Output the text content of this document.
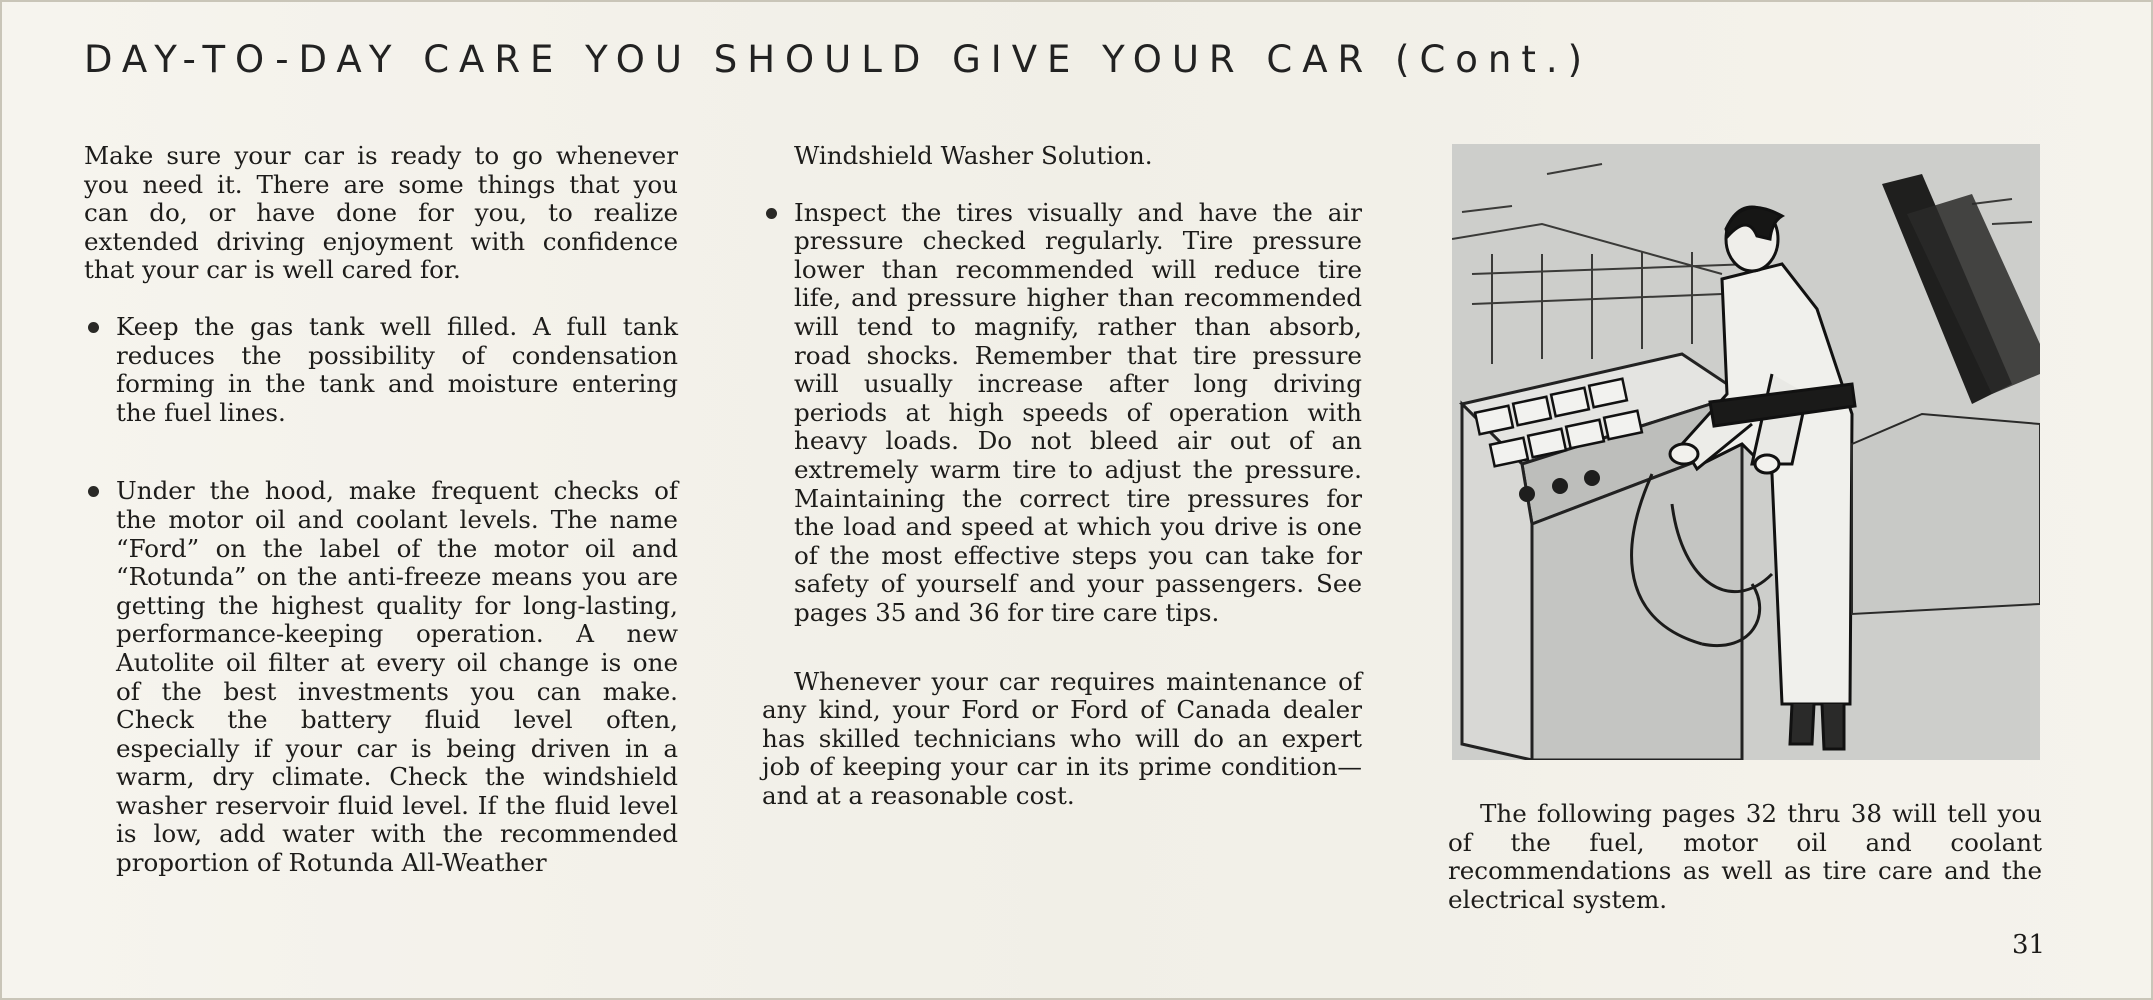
DAY-TO-DAY CARE YOU SHOULD GIVE YOUR CAR (Cont.)

Make sure your car is ready to go whenever you need it. There are some things that you can do, or have done for you, to realize extended driving enjoyment with confidence that your car is well cared for.

Keep the gas tank well filled. A full tank reduces the possibility of condensation forming in the tank and moisture entering the fuel lines.

Under the hood, make frequent checks of the motor oil and coolant levels. The name “Ford” on the label of the motor oil and “Rotunda” on the anti-freeze means you are getting the highest quality for long-lasting, performance-keeping operation. A new Autolite oil filter at every oil change is one of the best investments you can make. Check the battery fluid level often, especially if your car is being driven in a warm, dry climate. Check the windshield washer reservoir fluid level. If the fluid level is low, add water with the recommended proportion of Rotunda All-Weather

Windshield Washer Solution.

Inspect the tires visually and have the air pressure checked regularly. Tire pressure lower than recommended will reduce tire life, and pressure higher than recommended will tend to magnify, rather than absorb, road shocks. Remember that tire pressure will usually increase after long driving periods at high speeds of operation with heavy loads. Do not bleed air out of an extremely warm tire to adjust the pressure. Maintaining the correct tire pressures for the load and speed at which you drive is one of the most effective steps you can take for safety of yourself and your passengers. See pages 35 and 36 for tire care tips.

Whenever your car requires maintenance of any kind, your Ford or Ford of Canada dealer has skilled technicians who will do an expert job of keeping your car in its prime condition—and at a reasonable cost.

The following pages 32 thru 38 will tell you of the fuel, motor oil and coolant recommendations as well as tire care and the electrical system.

31
